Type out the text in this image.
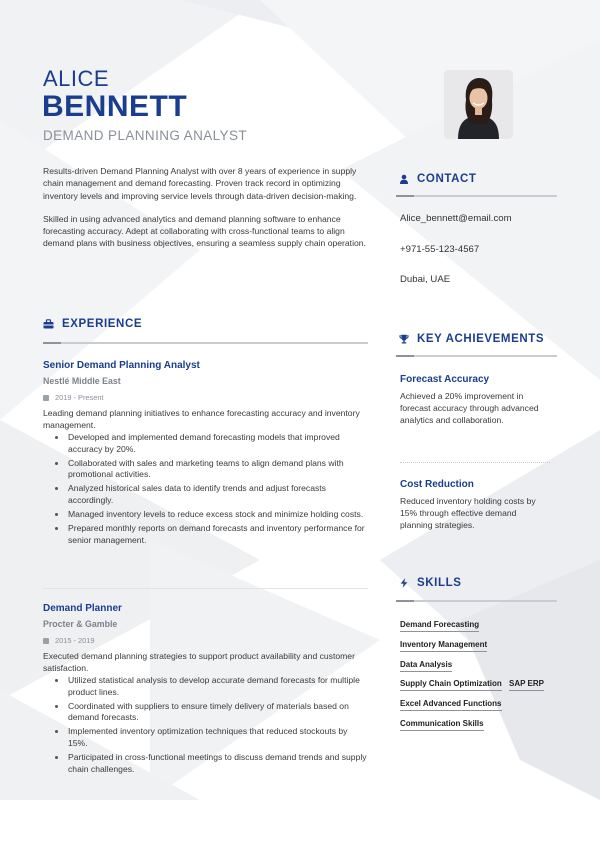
ALICE
BENNETT
DEMAND PLANNING ANALYST

Results-driven Demand Planning Analyst with over 8 years of experience in supply chain management and demand forecasting. Proven track record in optimizing inventory levels and improving service levels through data-driven decision-making.

Skilled in using advanced analytics and demand planning software to enhance forecasting accuracy. Adept at collaborating with cross-functional teams to align demand plans with business objectives, ensuring a seamless supply chain operation.

EXPERIENCE
Senior Demand Planning Analyst
Nestlé Middle East
2019 - Present
Leading demand planning initiatives to enhance forecasting accuracy and inventory management.
Developed and implemented demand forecasting models that improved accuracy by 20%.
Collaborated with sales and marketing teams to align demand plans with promotional activities.
Analyzed historical sales data to identify trends and adjust forecasts accordingly.
Managed inventory levels to reduce excess stock and minimize holding costs.
Prepared monthly reports on demand forecasts and inventory performance for senior management.
Demand Planner
Procter & Gamble
2015 - 2019
Executed demand planning strategies to support product availability and customer satisfaction.
Utilized statistical analysis to develop accurate demand forecasts for multiple product lines.
Coordinated with suppliers to ensure timely delivery of materials based on demand forecasts.
Implemented inventory optimization techniques that reduced stockouts by 15%.
Participated in cross-functional meetings to discuss demand trends and supply chain challenges.
CONTACT
Alice_bennett@email.com
+971-55-123-4567
Dubai, UAE
KEY ACHIEVEMENTS
Forecast Accuracy
Achieved a 20% improvement in forecast accuracy through advanced analytics and collaboration.
Cost Reduction
Reduced inventory holding costs by 15% through effective demand planning strategies.
SKILLS
Demand Forecasting
Inventory Management
Data Analysis
Supply Chain Optimization SAP ERP
Excel Advanced Functions
Communication Skills
